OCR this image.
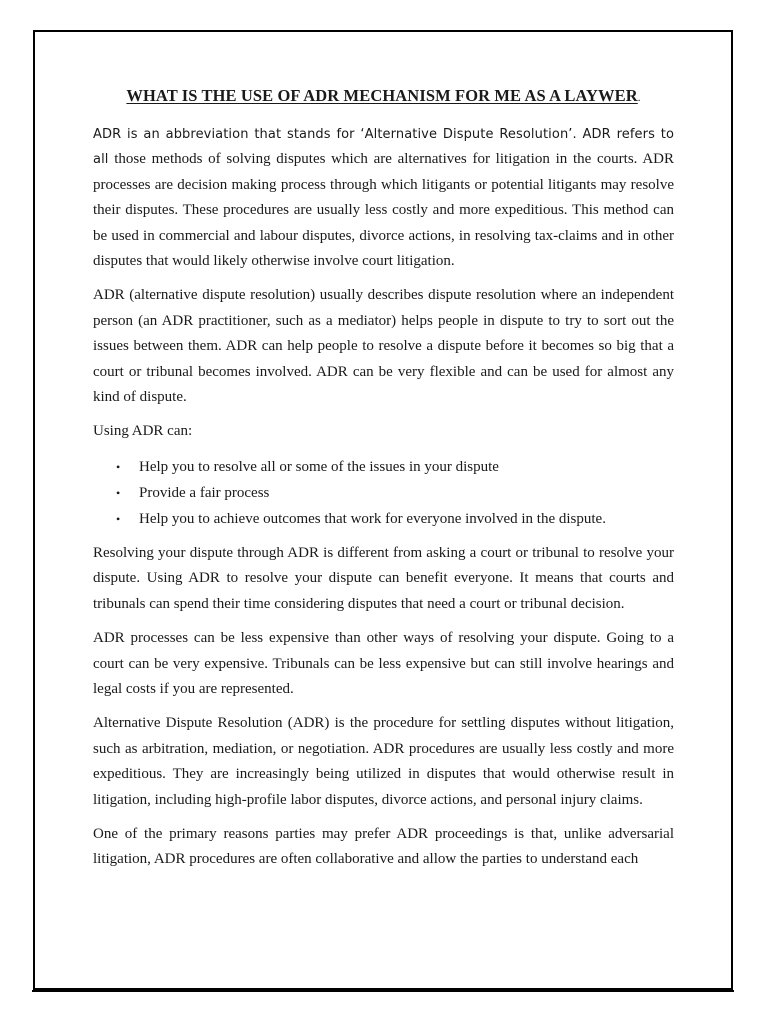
WHAT IS THE USE OF ADR MECHANISM FOR ME AS A LAYWER.

ADR is an abbreviation that stands for ‘Alternative Dispute Resolution’. ADR refers to all those methods of solving disputes which are alternatives for litigation in the courts. ADR processes are decision making process through which litigants or potential litigants may resolve their disputes. These procedures are usually less costly and more expeditious. This method can be used in commercial and labour disputes, divorce actions, in resolving tax-claims and in other disputes that would likely otherwise involve court litigation.

ADR (alternative dispute resolution) usually describes dispute resolution where an independent person (an ADR practitioner, such as a mediator) helps people in dispute to try to sort out the issues between them. ADR can help people to resolve a dispute before it becomes so big that a court or tribunal becomes involved. ADR can be very flexible and can be used for almost any kind of dispute.

Using ADR can:

• Help you to resolve all or some of the issues in your dispute
• Provide a fair process
• Help you to achieve outcomes that work for everyone involved in the dispute.

Resolving your dispute through ADR is different from asking a court or tribunal to resolve your dispute. Using ADR to resolve your dispute can benefit everyone. It means that courts and tribunals can spend their time considering disputes that need a court or tribunal decision.

ADR processes can be less expensive than other ways of resolving your dispute. Going to a court can be very expensive. Tribunals can be less expensive but can still involve hearings and legal costs if you are represented.

Alternative Dispute Resolution (ADR) is the procedure for settling disputes without litigation, such as arbitration, mediation, or negotiation. ADR procedures are usually less costly and more expeditious. They are increasingly being utilized in disputes that would otherwise result in litigation, including high-profile labor disputes, divorce actions, and personal injury claims.

One of the primary reasons parties may prefer ADR proceedings is that, unlike adversarial litigation, ADR procedures are often collaborative and allow the parties to understand each
